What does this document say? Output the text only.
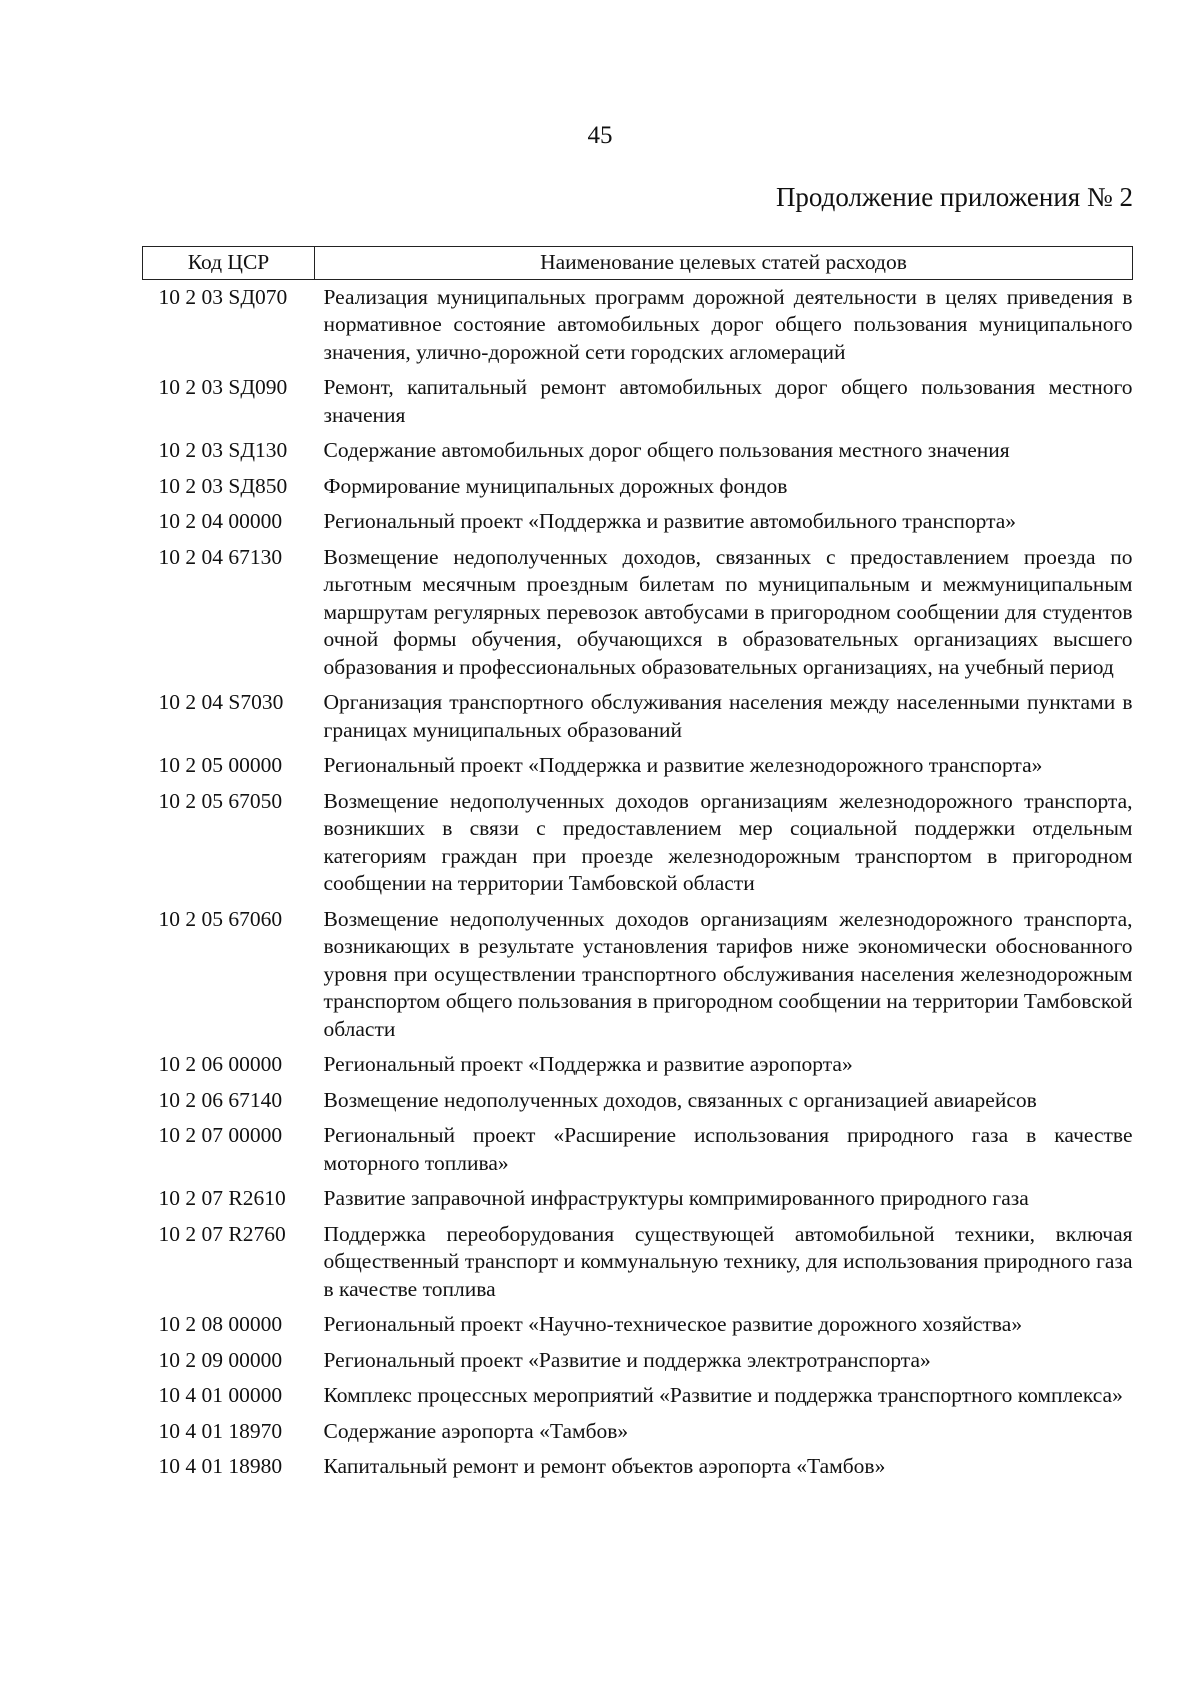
45
Продолжение приложения № 2
Код ЦСР	Наименование целевых статей расходов
10 2 03 SД070	Реализация муниципальных программ дорожной деятельности в целях приведения в нормативное состояние автомобильных дорог общего пользования муниципального значения, улично-дорожной сети городских агломераций
10 2 03 SД090	Ремонт, капитальный ремонт автомобильных дорог общего пользования местного значения
10 2 03 SД130	Содержание автомобильных дорог общего пользования местного значения
10 2 03 SД850	Формирование муниципальных дорожных фондов
10 2 04 00000	Региональный проект «Поддержка и развитие автомобильного транспорта»
10 2 04 67130	Возмещение недополученных доходов, связанных с предоставлением проезда по льготным месячным проездным билетам по муниципальным и межмуниципальным маршрутам регулярных перевозок автобусами в пригородном сообщении для студентов очной формы обучения, обучающихся в образовательных организациях высшего образования и профессиональных образовательных организациях, на учебный период
10 2 04 S7030	Организация транспортного обслуживания населения между населенными пунктами в границах муниципальных образований
10 2 05 00000	Региональный проект «Поддержка и развитие железнодорожного транспорта»
10 2 05 67050	Возмещение недополученных доходов организациям железнодорожного транспорта, возникших в связи с предоставлением мер социальной поддержки отдельным категориям граждан при проезде железнодорожным транспортом в пригородном сообщении на территории Тамбовской области
10 2 05 67060	Возмещение недополученных доходов организациям железнодорожного транспорта, возникающих в результате установления тарифов ниже экономически обоснованного уровня при осуществлении транспортного обслуживания населения железнодорожным транспортом общего пользования в пригородном сообщении на территории Тамбовской области
10 2 06 00000	Региональный проект «Поддержка и развитие аэропорта»
10 2 06 67140	Возмещение недополученных доходов, связанных с организацией авиарейсов
10 2 07 00000	Региональный проект «Расширение использования природного газа в качестве моторного топлива»
10 2 07 R2610	Развитие заправочной инфраструктуры компримированного природного газа
10 2 07 R2760	Поддержка переоборудования существующей автомобильной техники, включая общественный транспорт и коммунальную технику, для использования природного газа в качестве топлива
10 2 08 00000	Региональный проект «Научно-техническое развитие дорожного хозяйства»
10 2 09 00000	Региональный проект «Развитие и поддержка электротранспорта»
10 4 01 00000	Комплекс процессных мероприятий «Развитие и поддержка транспортного комплекса»
10 4 01 18970	Содержание аэропорта «Тамбов»
10 4 01 18980	Капитальный ремонт и ремонт объектов аэропорта «Тамбов»
